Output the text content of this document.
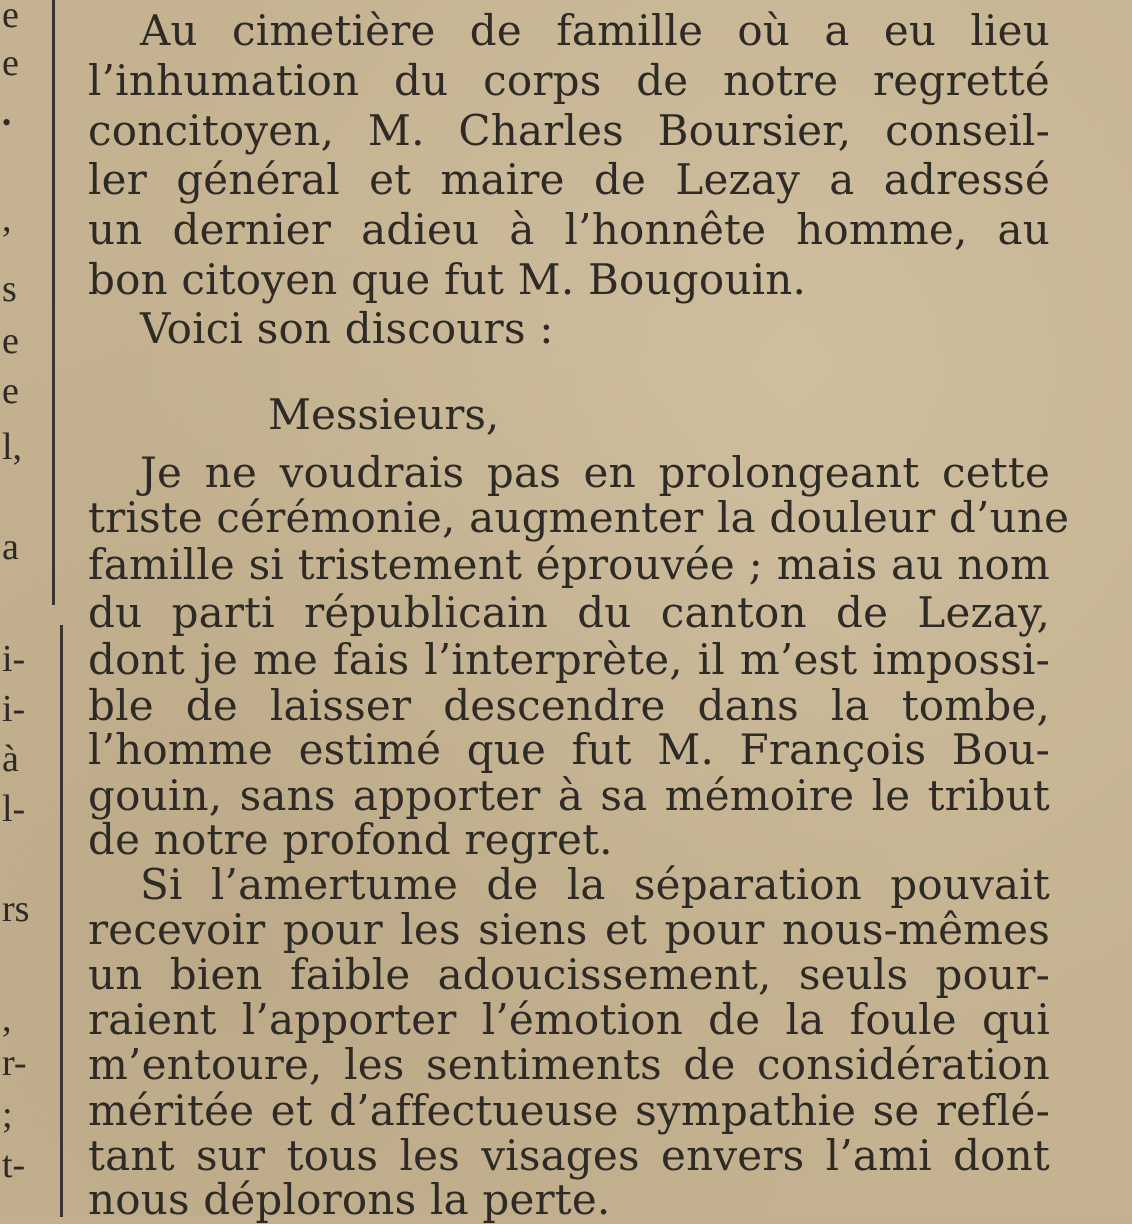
e
e
•
,
s
e
e
l,
a
i-
i-
à
l-
rs
,
r-
;
t-
Au cimetière de famille où a eu lieu
l’inhumation du corps de notre regretté
concitoyen, M. Charles Boursier, conseil-
ler général et maire de Lezay a adressé
un dernier adieu à l’honnête homme, au
bon citoyen que fut M. Bougouin.
Voici son discours :
Messieurs,
Je ne voudrais pas en prolongeant cette
triste cérémonie, augmenter la douleur d’une
famille si tristement éprouvée ; mais au nom
du parti républicain du canton de Lezay,
dont je me fais l’interprète, il m’est impossi-
ble de laisser descendre dans la tombe,
l’homme estimé que fut M. François Bou-
gouin, sans apporter à sa mémoire le tribut
de notre profond regret.
Si l’amertume de la séparation pouvait
recevoir pour les siens et pour nous-mêmes
un bien faible adoucissement, seuls pour-
raient l’apporter l’émotion de la foule qui
m’entoure, les sentiments de considération
méritée et d’affectueuse sympathie se reflé-
tant sur tous les visages envers l’ami dont
nous déplorons la perte.
